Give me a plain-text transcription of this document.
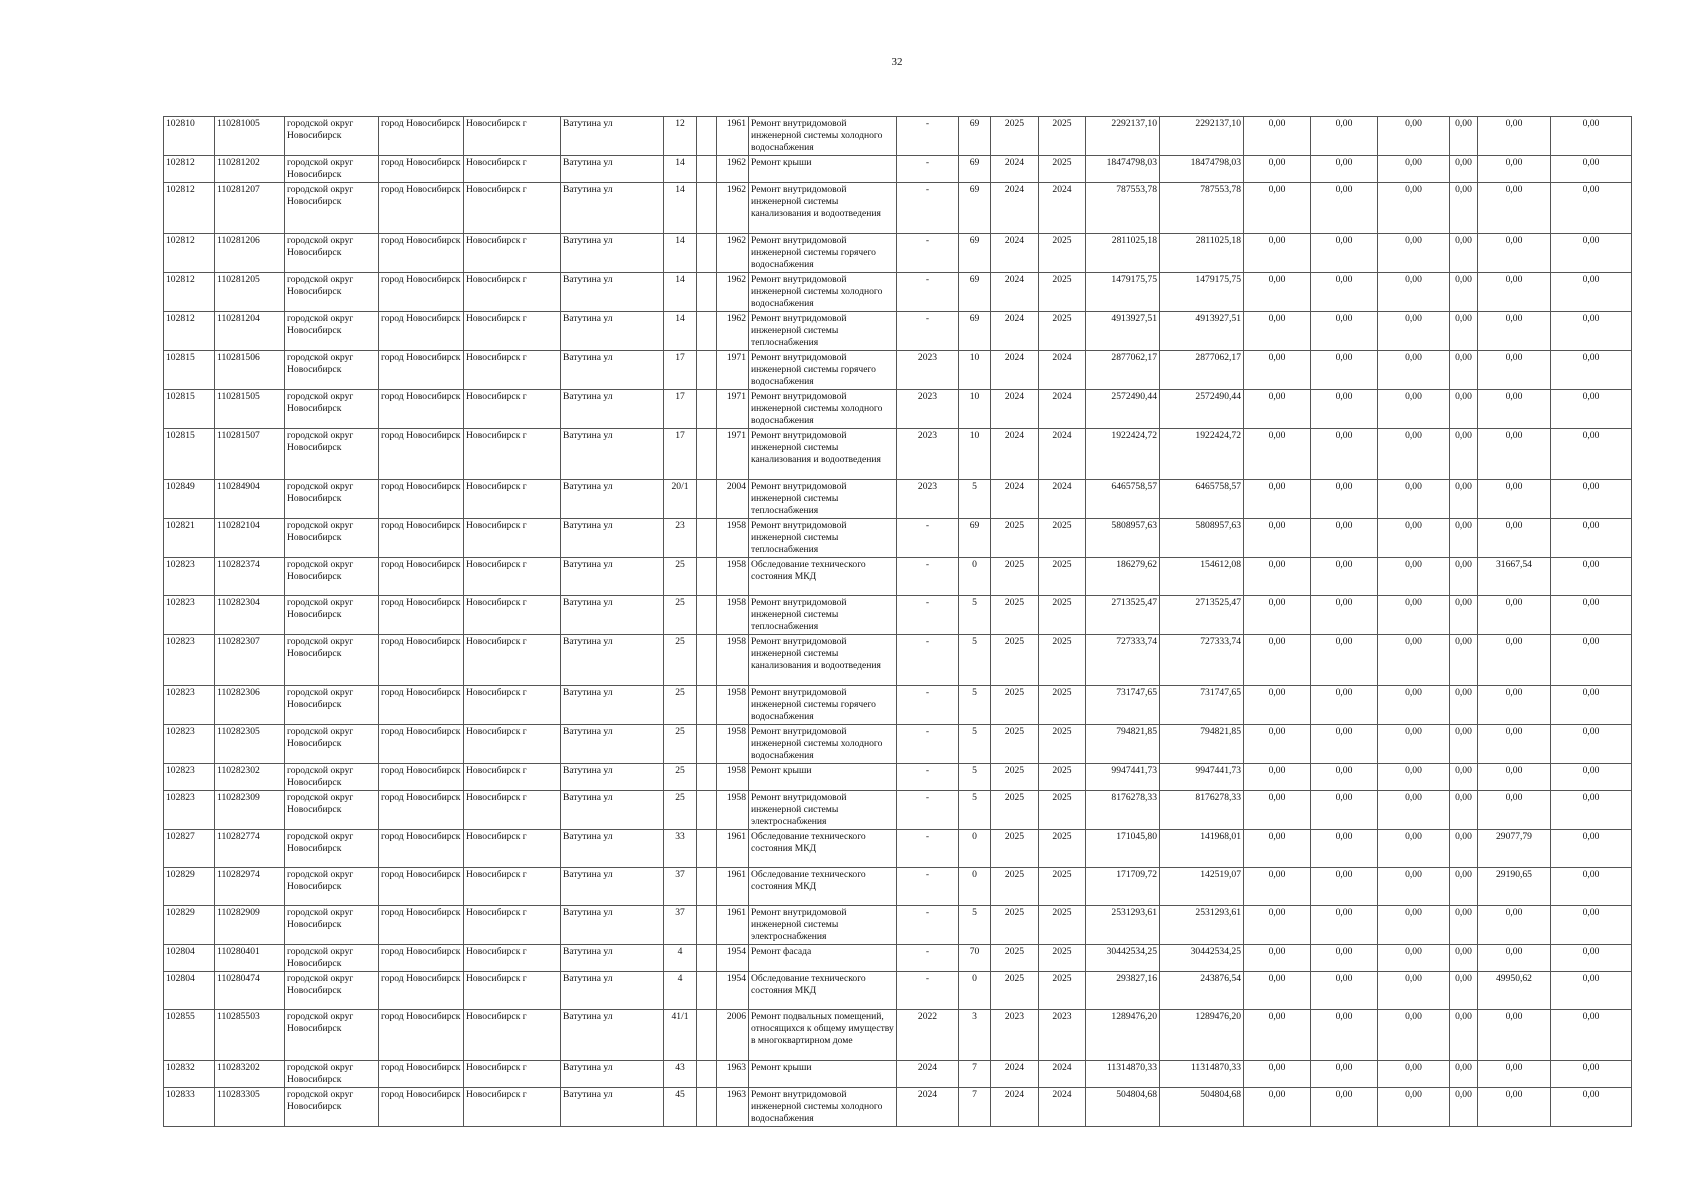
32
102810	110281005	городской округ Новосибирск	город Новосибирск	Новосибирск г	Ватутина ул	12		1961	Ремонт внутридомовой инженерной системы холодного водоснабжения	-	69	2025	2025	2292137,10	2292137,10	0,00	0,00	0,00	0,00	0,00	0,00
102812	110281202	городской округ Новосибирск	город Новосибирск	Новосибирск г	Ватутина ул	14		1962	Ремонт крыши	-	69	2024	2025	18474798,03	18474798,03	0,00	0,00	0,00	0,00	0,00	0,00
102812	110281207	городской округ Новосибирск	город Новосибирск	Новосибирск г	Ватутина ул	14		1962	Ремонт внутридомовой инженерной системы канализования и водоотведения	-	69	2024	2024	787553,78	787553,78	0,00	0,00	0,00	0,00	0,00	0,00
102812	110281206	городской округ Новосибирск	город Новосибирск	Новосибирск г	Ватутина ул	14		1962	Ремонт внутридомовой инженерной системы горячего водоснабжения	-	69	2024	2025	2811025,18	2811025,18	0,00	0,00	0,00	0,00	0,00	0,00
102812	110281205	городской округ Новосибирск	город Новосибирск	Новосибирск г	Ватутина ул	14		1962	Ремонт внутридомовой инженерной системы холодного водоснабжения	-	69	2024	2025	1479175,75	1479175,75	0,00	0,00	0,00	0,00	0,00	0,00
102812	110281204	городской округ Новосибирск	город Новосибирск	Новосибирск г	Ватутина ул	14		1962	Ремонт внутридомовой инженерной системы теплоснабжения	-	69	2024	2025	4913927,51	4913927,51	0,00	0,00	0,00	0,00	0,00	0,00
102815	110281506	городской округ Новосибирск	город Новосибирск	Новосибирск г	Ватутина ул	17		1971	Ремонт внутридомовой инженерной системы горячего водоснабжения	2023	10	2024	2024	2877062,17	2877062,17	0,00	0,00	0,00	0,00	0,00	0,00
102815	110281505	городской округ Новосибирск	город Новосибирск	Новосибирск г	Ватутина ул	17		1971	Ремонт внутридомовой инженерной системы холодного водоснабжения	2023	10	2024	2024	2572490,44	2572490,44	0,00	0,00	0,00	0,00	0,00	0,00
102815	110281507	городской округ Новосибирск	город Новосибирск	Новосибирск г	Ватутина ул	17		1971	Ремонт внутридомовой инженерной системы канализования и водоотведения	2023	10	2024	2024	1922424,72	1922424,72	0,00	0,00	0,00	0,00	0,00	0,00
102849	110284904	городской округ Новосибирск	город Новосибирск	Новосибирск г	Ватутина ул	20/1		2004	Ремонт внутридомовой инженерной системы теплоснабжения	2023	5	2024	2024	6465758,57	6465758,57	0,00	0,00	0,00	0,00	0,00	0,00
102821	110282104	городской округ Новосибирск	город Новосибирск	Новосибирск г	Ватутина ул	23		1958	Ремонт внутридомовой инженерной системы теплоснабжения	-	69	2025	2025	5808957,63	5808957,63	0,00	0,00	0,00	0,00	0,00	0,00
102823	110282374	городской округ Новосибирск	город Новосибирск	Новосибирск г	Ватутина ул	25		1958	Обследование технического состояния МКД	-	0	2025	2025	186279,62	154612,08	0,00	0,00	0,00	0,00	31667,54	0,00
102823	110282304	городской округ Новосибирск	город Новосибирск	Новосибирск г	Ватутина ул	25		1958	Ремонт внутридомовой инженерной системы теплоснабжения	-	5	2025	2025	2713525,47	2713525,47	0,00	0,00	0,00	0,00	0,00	0,00
102823	110282307	городской округ Новосибирск	город Новосибирск	Новосибирск г	Ватутина ул	25		1958	Ремонт внутридомовой инженерной системы канализования и водоотведения	-	5	2025	2025	727333,74	727333,74	0,00	0,00	0,00	0,00	0,00	0,00
102823	110282306	городской округ Новосибирск	город Новосибирск	Новосибирск г	Ватутина ул	25		1958	Ремонт внутридомовой инженерной системы горячего водоснабжения	-	5	2025	2025	731747,65	731747,65	0,00	0,00	0,00	0,00	0,00	0,00
102823	110282305	городской округ Новосибирск	город Новосибирск	Новосибирск г	Ватутина ул	25		1958	Ремонт внутридомовой инженерной системы холодного водоснабжения	-	5	2025	2025	794821,85	794821,85	0,00	0,00	0,00	0,00	0,00	0,00
102823	110282302	городской округ Новосибирск	город Новосибирск	Новосибирск г	Ватутина ул	25		1958	Ремонт крыши	-	5	2025	2025	9947441,73	9947441,73	0,00	0,00	0,00	0,00	0,00	0,00
102823	110282309	городской округ Новосибирск	город Новосибирск	Новосибирск г	Ватутина ул	25		1958	Ремонт внутридомовой инженерной системы электроснабжения	-	5	2025	2025	8176278,33	8176278,33	0,00	0,00	0,00	0,00	0,00	0,00
102827	110282774	городской округ Новосибирск	город Новосибирск	Новосибирск г	Ватутина ул	33		1961	Обследование технического состояния МКД	-	0	2025	2025	171045,80	141968,01	0,00	0,00	0,00	0,00	29077,79	0,00
102829	110282974	городской округ Новосибирск	город Новосибирск	Новосибирск г	Ватутина ул	37		1961	Обследование технического состояния МКД	-	0	2025	2025	171709,72	142519,07	0,00	0,00	0,00	0,00	29190,65	0,00
102829	110282909	городской округ Новосибирск	город Новосибирск	Новосибирск г	Ватутина ул	37		1961	Ремонт внутридомовой инженерной системы электроснабжения	-	5	2025	2025	2531293,61	2531293,61	0,00	0,00	0,00	0,00	0,00	0,00
102804	110280401	городской округ Новосибирск	город Новосибирск	Новосибирск г	Ватутина ул	4		1954	Ремонт фасада	-	70	2025	2025	30442534,25	30442534,25	0,00	0,00	0,00	0,00	0,00	0,00
102804	110280474	городской округ Новосибирск	город Новосибирск	Новосибирск г	Ватутина ул	4		1954	Обследование технического состояния МКД	-	0	2025	2025	293827,16	243876,54	0,00	0,00	0,00	0,00	49950,62	0,00
102855	110285503	городской округ Новосибирск	город Новосибирск	Новосибирск г	Ватутина ул	41/1		2006	Ремонт подвальных помещений, относящихся к общему имуществу в многоквартирном доме	2022	3	2023	2023	1289476,20	1289476,20	0,00	0,00	0,00	0,00	0,00	0,00
102832	110283202	городской округ Новосибирск	город Новосибирск	Новосибирск г	Ватутина ул	43		1963	Ремонт крыши	2024	7	2024	2024	11314870,33	11314870,33	0,00	0,00	0,00	0,00	0,00	0,00
102833	110283305	городской округ Новосибирск	город Новосибирск	Новосибирск г	Ватутина ул	45		1963	Ремонт внутридомовой инженерной системы холодного водоснабжения	2024	7	2024	2024	504804,68	504804,68	0,00	0,00	0,00	0,00	0,00	0,00
